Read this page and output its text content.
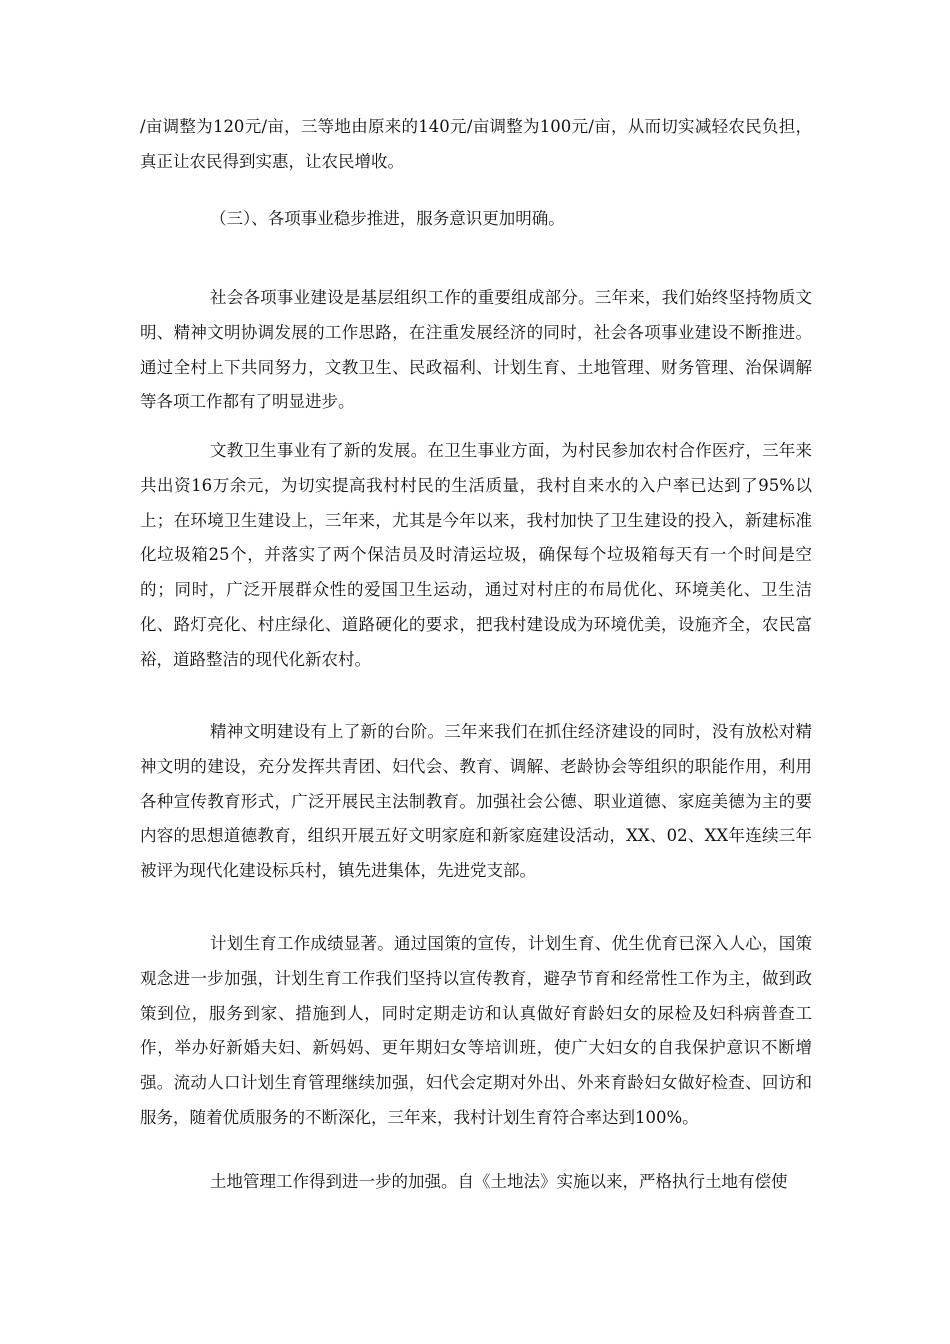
/亩调整为120元/亩，三等地由原来的140元/亩调整为100元/亩，从而切实减轻农民负担，真正让农民得到实惠，让农民增收。

（三）、各项事业稳步推进，服务意识更加明确。

社会各项事业建设是基层组织工作的重要组成部分。三年来，我们始终坚持物质文明、精神文明协调发展的工作思路，在注重发展经济的同时，社会各项事业建设不断推进。通过全村上下共同努力，文教卫生、民政福利、计划生育、土地管理、财务管理、治保调解等各项工作都有了明显进步。

文教卫生事业有了新的发展。在卫生事业方面，为村民参加农村合作医疗，三年来共出资16万余元，为切实提高我村村民的生活质量，我村自来水的入户率已达到了95%以上；在环境卫生建设上，三年来，尤其是今年以来，我村加快了卫生建设的投入，新建标准化垃圾箱25个，并落实了两个保洁员及时清运垃圾，确保每个垃圾箱每天有一个时间是空的；同时，广泛开展群众性的爱国卫生运动，通过对村庄的布局优化、环境美化、卫生洁化、路灯亮化、村庄绿化、道路硬化的要求，把我村建设成为环境优美，设施齐全，农民富裕，道路整洁的现代化新农村。

精神文明建设有上了新的台阶。三年来我们在抓住经济建设的同时，没有放松对精神文明的建设，充分发挥共青团、妇代会、教育、调解、老龄协会等组织的职能作用，利用各种宣传教育形式，广泛开展民主法制教育。加强社会公德、职业道德、家庭美德为主的要内容的思想道德教育，组织开展五好文明家庭和新家庭建设活动，XX、02、XX年连续三年被评为现代化建设标兵村，镇先进集体，先进党支部。

计划生育工作成绩显著。通过国策的宣传，计划生育、优生优育已深入人心，国策观念进一步加强，计划生育工作我们坚持以宣传教育，避孕节育和经常性工作为主，做到政策到位，服务到家、措施到人，同时定期走访和认真做好育龄妇女的尿检及妇科病普查工作，举办好新婚夫妇、新妈妈、更年期妇女等培训班，使广大妇女的自我保护意识不断增强。流动人口计划生育管理继续加强，妇代会定期对外出、外来育龄妇女做好检查、回访和服务，随着优质服务的不断深化，三年来，我村计划生育符合率达到100%。

土地管理工作得到进一步的加强。自《土地法》实施以来，严格执行土地有偿使
